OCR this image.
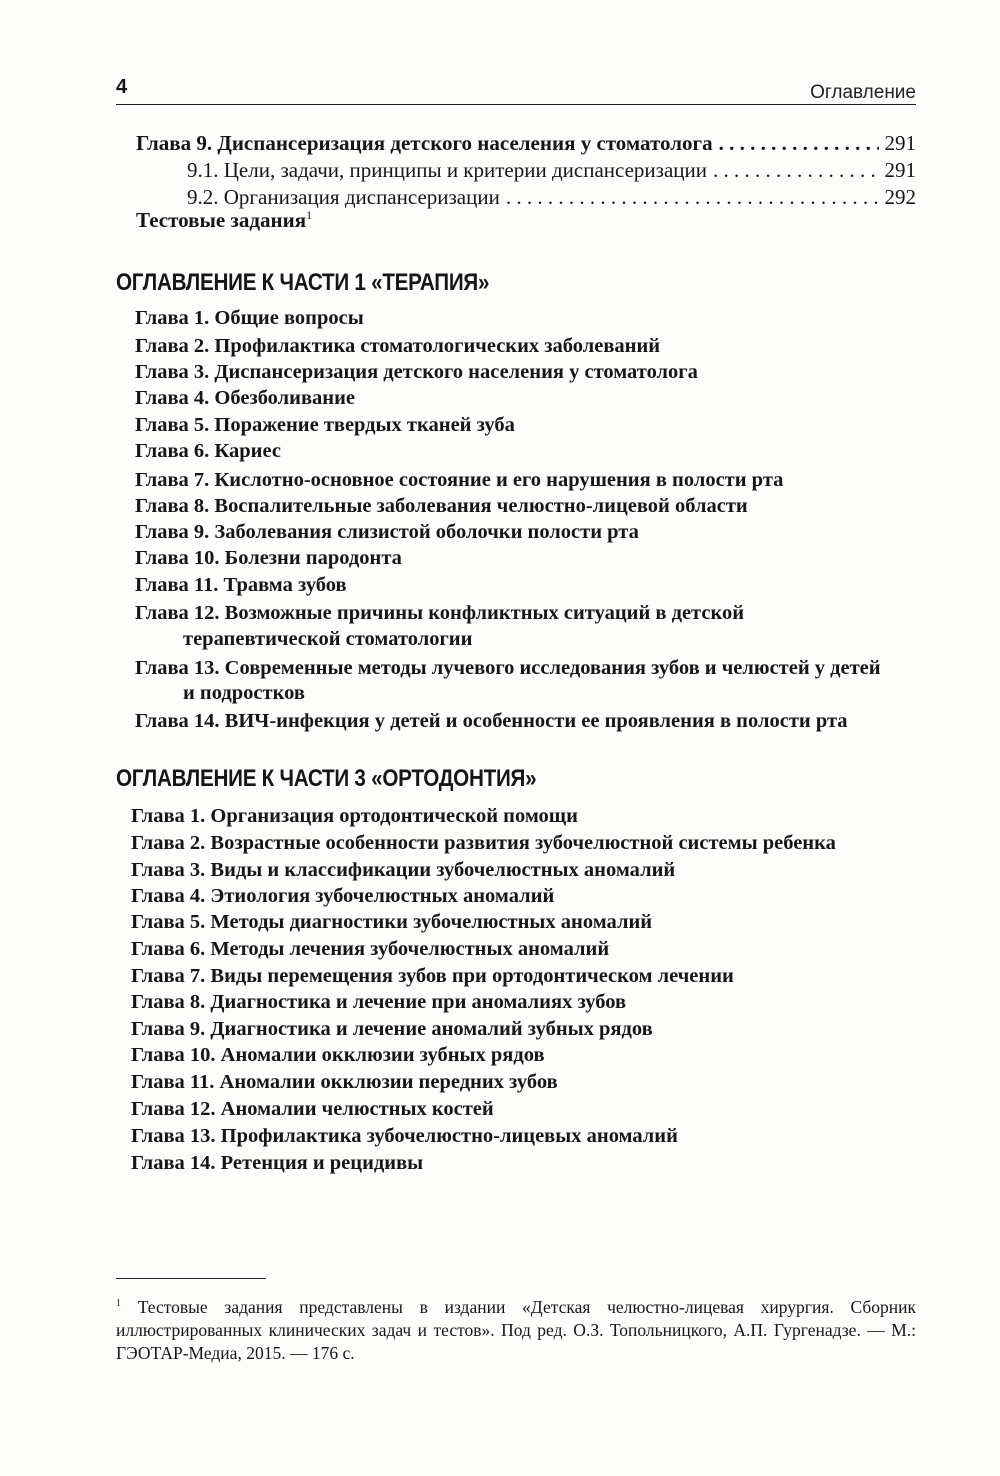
4	Оглавление
Глава 9. Диспансеризация детского населения у стоматолога . . .	291
9.1. Цели, задачи, принципы и критерии диспансеризации . . .	291
9.2. Организация диспансеризации . . .	292
Тестовые задания$^1$
ОГЛАВЛЕНИЕ К ЧАСТИ 1 «ТЕРАПИЯ»
Глава 1. Общие вопросы
Глава 2. Профилактика стоматологических заболеваний
Глава 3. Диспансеризация детского населения у стоматолога
Глава 4. Обезболивание
Глава 5. Поражение твердых тканей зуба
Глава 6. Кариес
Глава 7. Кислотно-основное состояние и его нарушения в полости рта
Глава 8. Воспалительные заболевания челюстно-лицевой области
Глава 9. Заболевания слизистой оболочки полости рта
Глава 10. Болезни пародонта
Глава 11. Травма зубов
Глава 12. Возможные причины конфликтных ситуаций в детской
терапевтической стоматологии
Глава 13. Современные методы лучевого исследования зубов и челюстей у детей
и подростков
Глава 14. ВИЧ-инфекция у детей и особенности ее проявления в полости рта
ОГЛАВЛЕНИЕ К ЧАСТИ 3 «ОРТОДОНТИЯ»
Глава 1. Организация ортодонтической помощи
Глава 2. Возрастные особенности развития зубочелюстной системы ребенка
Глава 3. Виды и классификации зубочелюстных аномалий
Глава 4. Этиология зубочелюстных аномалий
Глава 5. Методы диагностики зубочелюстных аномалий
Глава 6. Методы лечения зубочелюстных аномалий
Глава 7. Виды перемещения зубов при ортодонтическом лечении
Глава 8. Диагностика и лечение при аномалиях зубов
Глава 9. Диагностика и лечение аномалий зубных рядов
Глава 10. Аномалии окклюзии зубных рядов
Глава 11. Аномалии окклюзии передних зубов
Глава 12. Аномалии челюстных костей
Глава 13. Профилактика зубочелюстно-лицевых аномалий
Глава 14. Ретенция и рецидивы
$^1$ Тестовые задания представлены в издании «Детская челюстно-лицевая хирургия. Сборник иллюстрированных клинических задач и тестов». Под ред. О.З. Топольницкого, А.П. Гургенадзе. — М.: ГЭОТАР-Медиа, 2015. — 176 с.
